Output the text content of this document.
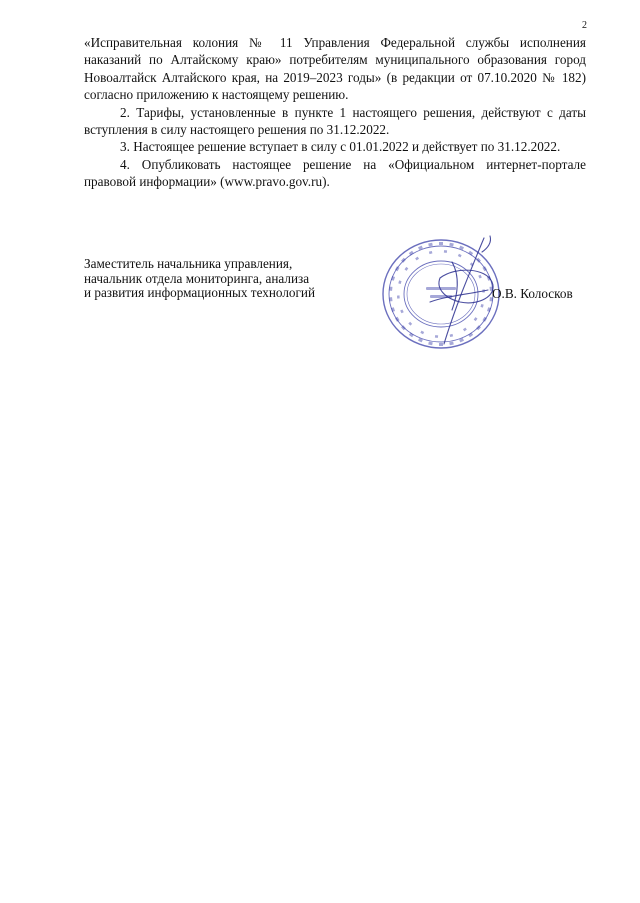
2

«Исправительная колония № 11 Управления Федеральной службы исполнения наказаний по Алтайскому краю» потребителям муниципального образования город Новоалтайск Алтайского края, на 2019–2023 годы» (в редакции от 07.10.2020 № 182) согласно приложению к настоящему решению.

2. Тарифы, установленные в пункте 1 настоящего решения, действуют с даты вступления в силу настоящего решения по 31.12.2022.

3. Настоящее решение вступает в силу с 01.01.2022 и действует по 31.12.2022.

4. Опубликовать настоящее решение на «Официальном интернет-портале правовой информации» (www.pravo.gov.ru).

Заместитель начальника управления,
начальник отдела мониторинга, анализа
и развития информационных технологий	О.В. Колосков
